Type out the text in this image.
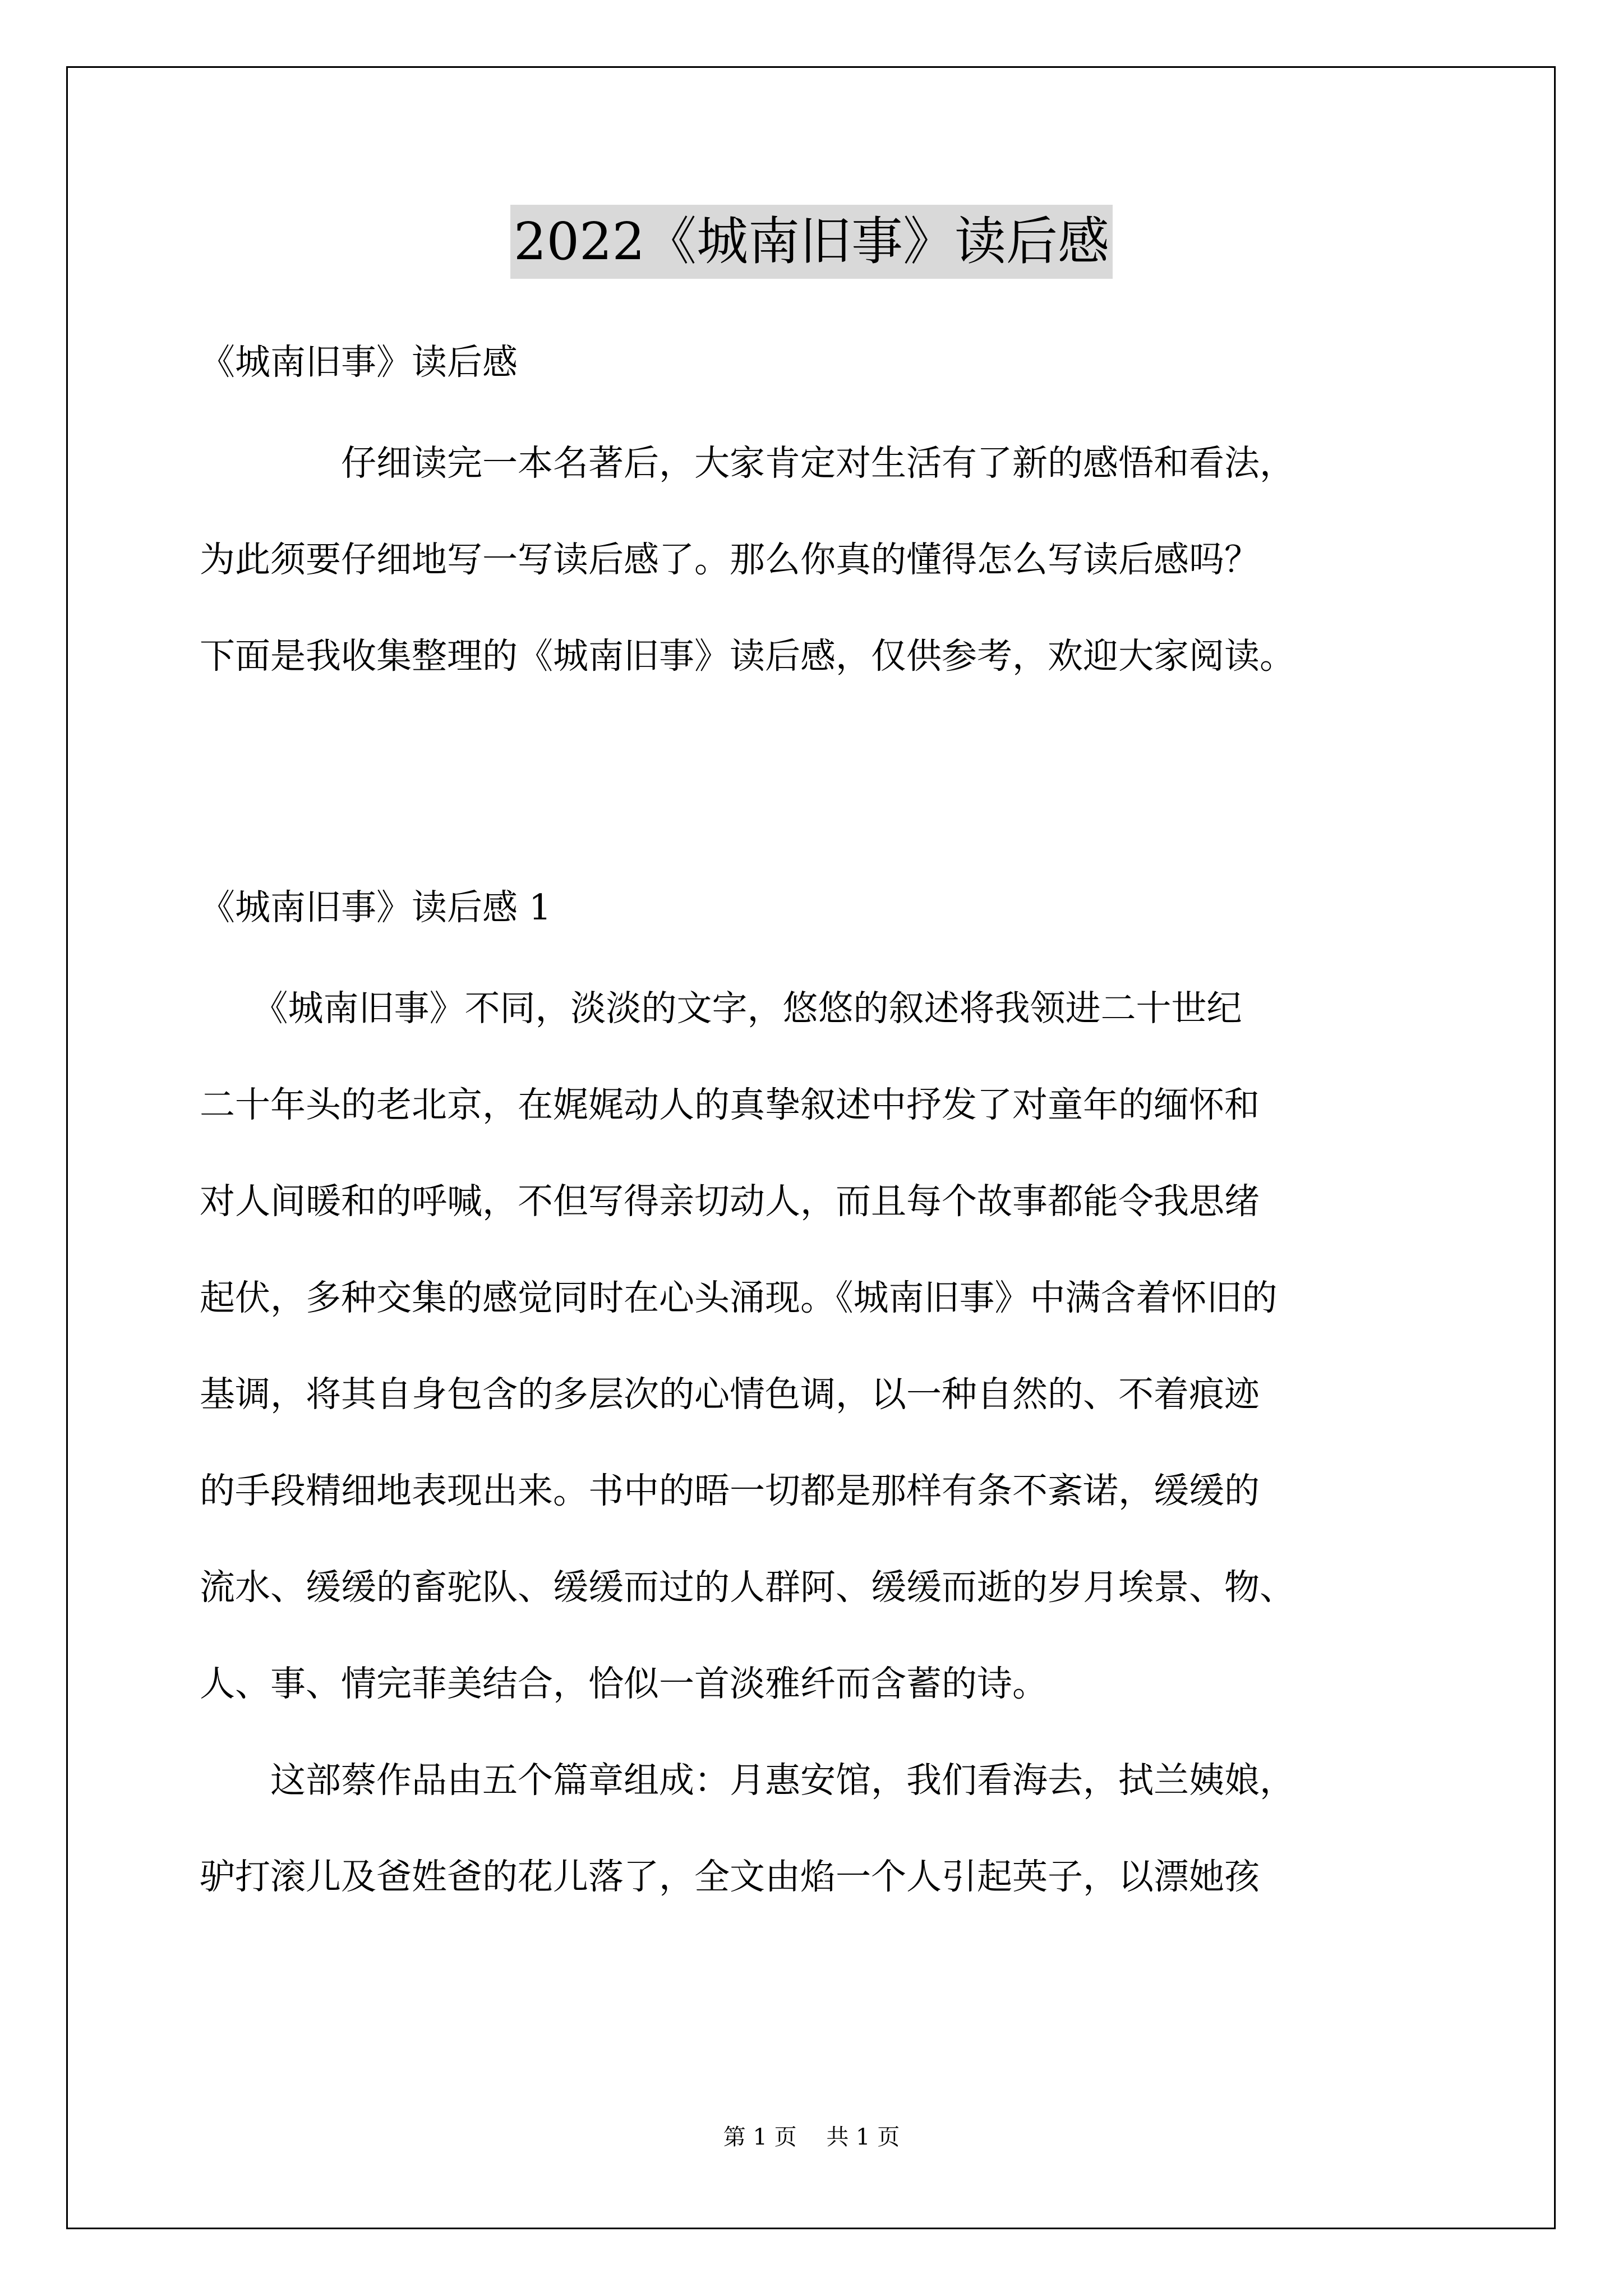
2022《城南旧事》读后感
《城南旧事》读后感
　　　　仔细读完一本名著后，大家肯定对生活有了新的感悟和看法，
为此须要仔细地写一写读后感了。那么你真的懂得怎么写读后感吗？
下面是我收集整理的《城南旧事》读后感，仅供参考，欢迎大家阅读。
《城南旧事》读后感 1
　　《城南旧事》不同，淡淡的文字，悠悠的叙述将我领进二十世纪
二十年头的老北京，在娓娓动人的真挚叙述中抒发了对童年的缅怀和
对人间暖和的呼喊，不但写得亲切动人，而且每个故事都能令我思绪
起伏，多种交集的感觉同时在心头涌现。《城南旧事》中满含着怀旧的
基调，将其自身包含的多层次的心情色调，以一种自然的、不着痕迹
的手段精细地表现出来。书中的晤一切都是那样有条不紊诺，缓缓的
流水、缓缓的畜驼队、缓缓而过的人群阿、缓缓而逝的岁月埃景、物、
人、事、情完菲美结合，恰似一首淡雅纤而含蓄的诗。
　　这部蔡作品由五个篇章组成：月惠安馆，我们看海去，拭兰姨娘，
驴打滚儿及爸姓爸的花儿落了，全文由焰一个人引起英子，以漂她孩
第 1 页　 共 1 页
